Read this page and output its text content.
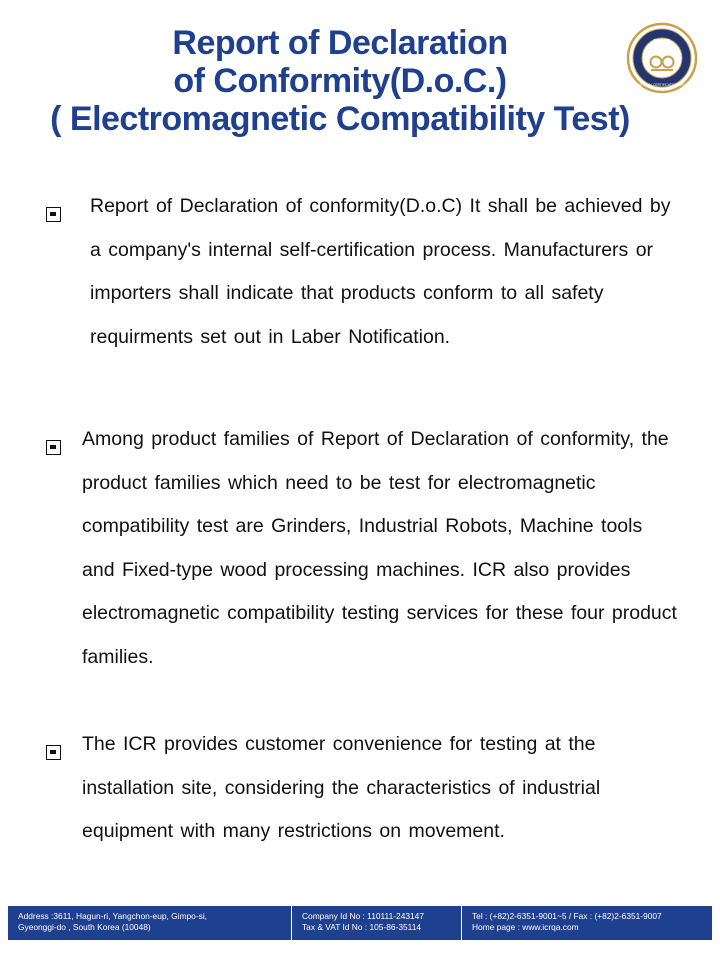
Report of Declaration
of Conformity(D.o.C.)
( Electromagnetic Compatibility Test)
ICR
INTERNATIONAL CERTIFICATION REGISTRAR
Report of Declaration of conformity(D.o.C) It shall be achieved by a company's internal self-certification process. Manufacturers or importers shall indicate that products conform to all safety requirments set out in Laber Notification.
Among product families of Report of Declaration of conformity, the product families which need to be test for electromagnetic compatibility test are Grinders, Industrial Robots, Machine tools and Fixed-type wood processing machines. ICR also provides electromagnetic compatibility testing services for these four product families.
The ICR provides customer convenience for testing at the installation site, considering the characteristics of industrial equipment with many restrictions on movement.
Address :3611, Hagun-ri, Yangchon-eup, Gimpo-si,
Gyeonggi-do , South Korea (10048)
Company Id No : 110111-243147
Tax & VAT Id No : 105-86-35114
Tel : (+82)2-6351-9001~5 / Fax : (+82)2-6351-9007
Home page : www.icrqa.com
